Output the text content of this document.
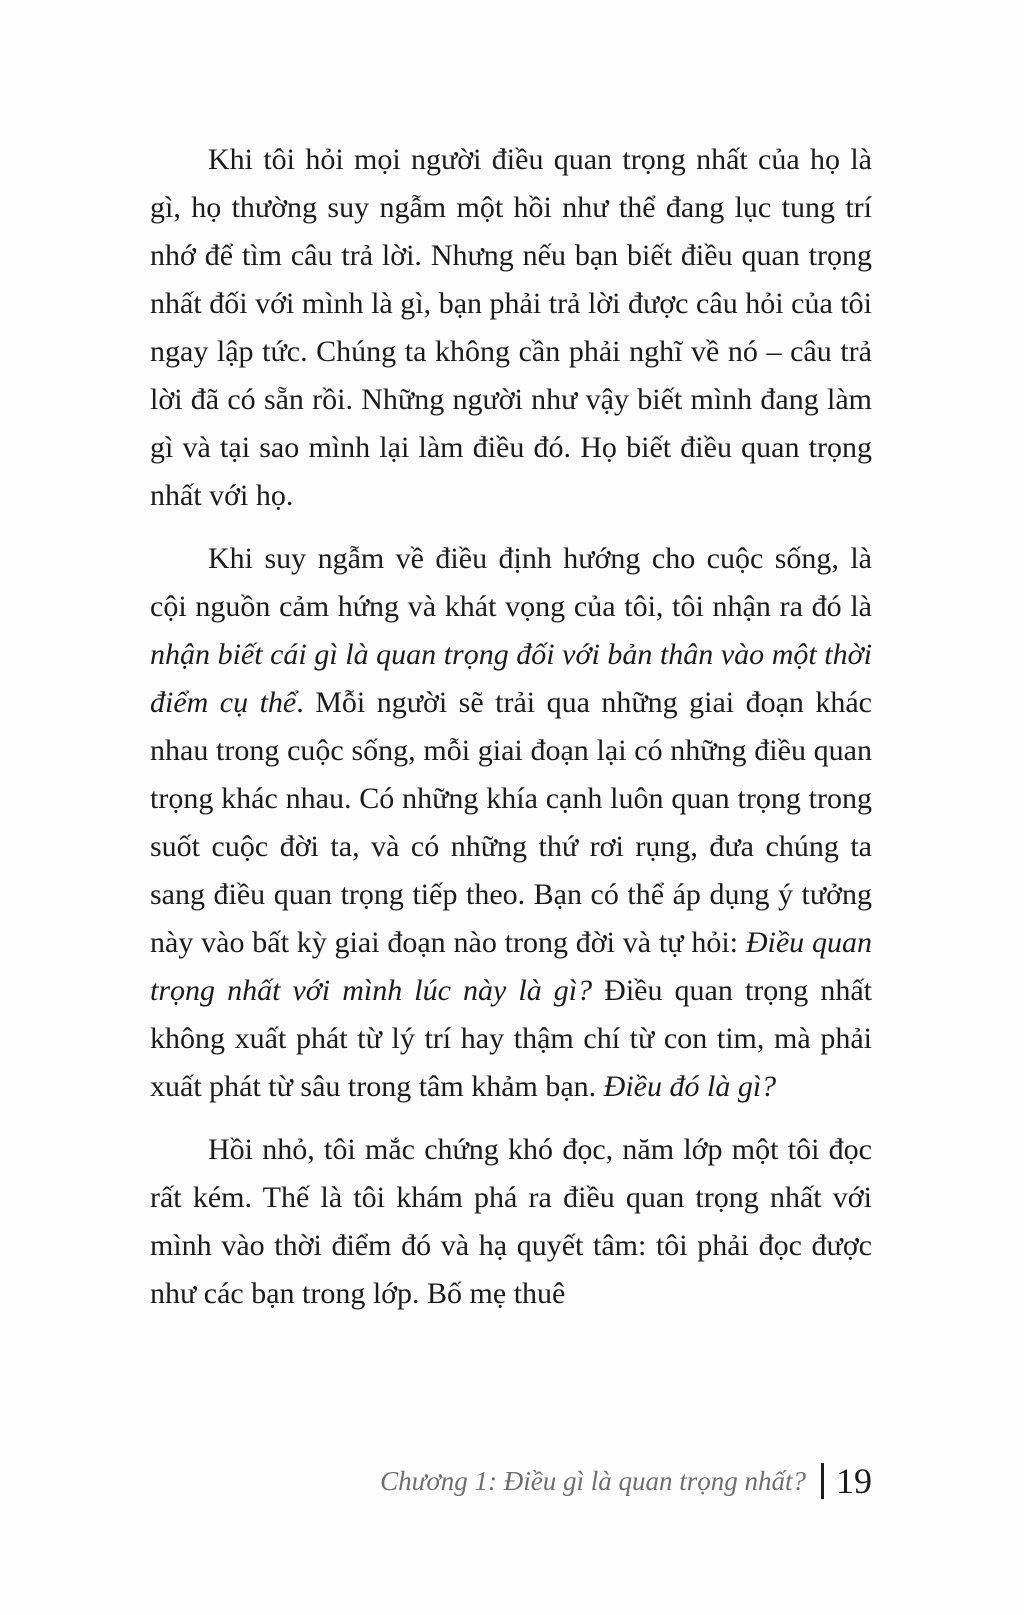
Khi tôi hỏi mọi người điều quan trọng nhất của họ là gì, họ thường suy ngẫm một hồi như thể đang lục tung trí nhớ để tìm câu trả lời. Nhưng nếu bạn biết điều quan trọng nhất đối với mình là gì, bạn phải trả lời được câu hỏi của tôi ngay lập tức. Chúng ta không cần phải nghĩ về nó – câu trả lời đã có sẵn rồi. Những người như vậy biết mình đang làm gì và tại sao mình lại làm điều đó. Họ biết điều quan trọng nhất với họ.

Khi suy ngẫm về điều định hướng cho cuộc sống, là cội nguồn cảm hứng và khát vọng của tôi, tôi nhận ra đó là nhận biết cái gì là quan trọng đối với bản thân vào một thời điểm cụ thể. Mỗi người sẽ trải qua những giai đoạn khác nhau trong cuộc sống, mỗi giai đoạn lại có những điều quan trọng khác nhau. Có những khía cạnh luôn quan trọng trong suốt cuộc đời ta, và có những thứ rơi rụng, đưa chúng ta sang điều quan trọng tiếp theo. Bạn có thể áp dụng ý tưởng này vào bất kỳ giai đoạn nào trong đời và tự hỏi: Điều quan trọng nhất với mình lúc này là gì? Điều quan trọng nhất không xuất phát từ lý trí hay thậm chí từ con tim, mà phải xuất phát từ sâu trong tâm khảm bạn. Điều đó là gì?

Hồi nhỏ, tôi mắc chứng khó đọc, năm lớp một tôi đọc rất kém. Thế là tôi khám phá ra điều quan trọng nhất với mình vào thời điểm đó và hạ quyết tâm: tôi phải đọc được như các bạn trong lớp. Bố mẹ thuê

Chương 1: Điều gì là quan trọng nhất? 19
